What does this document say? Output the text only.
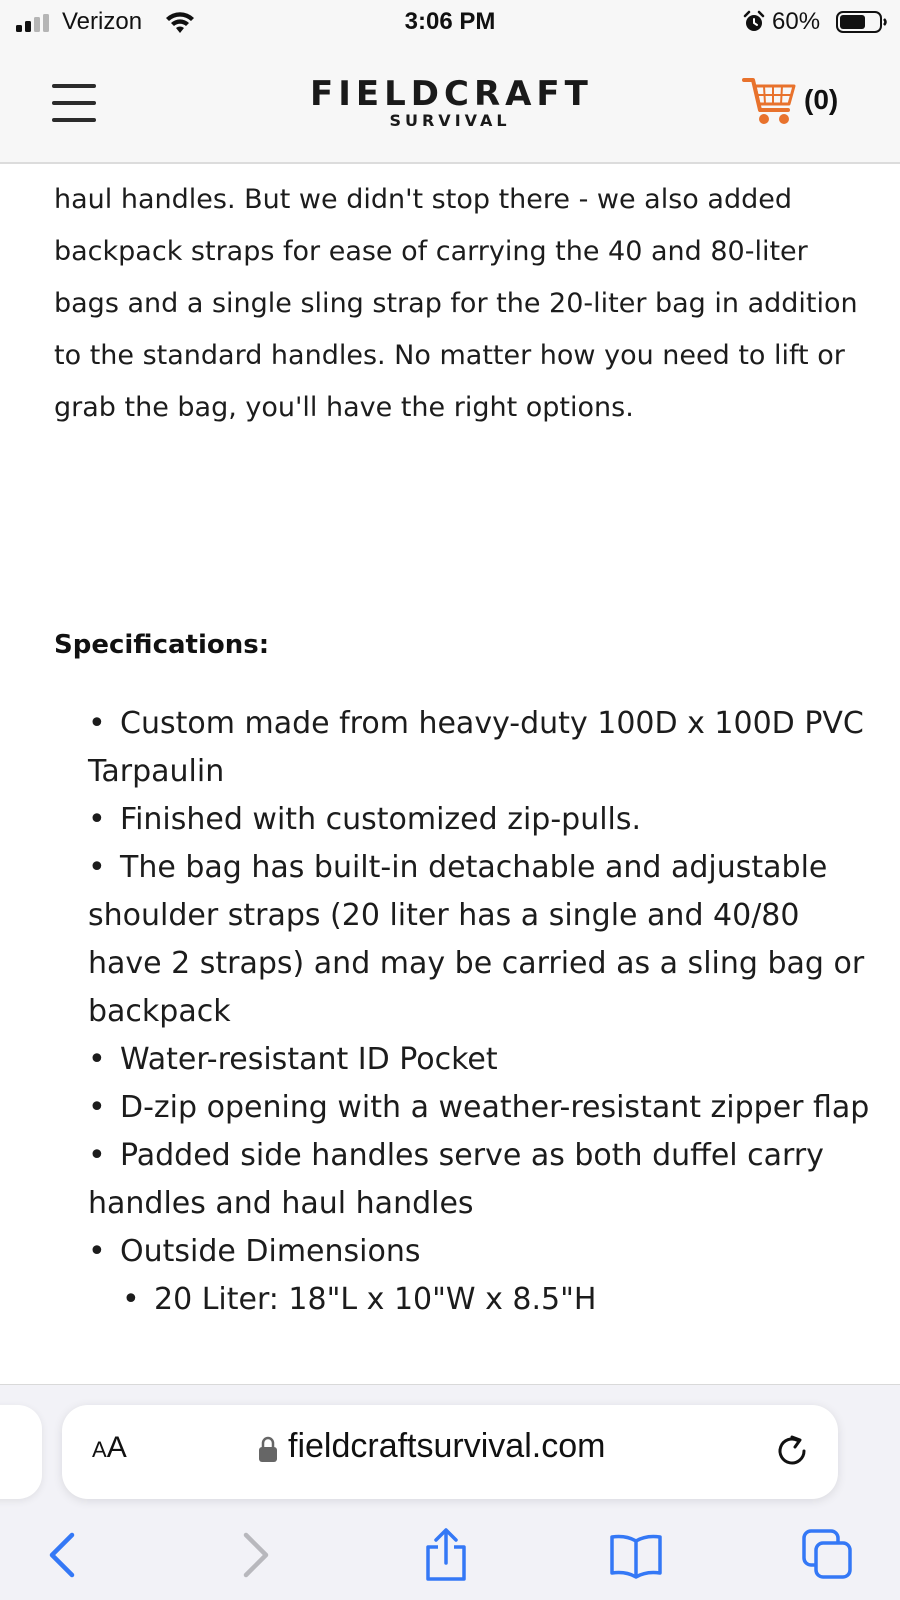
Verizon	3:06 PM	60%
FIELDCRAFT
SURVIVAL
(0)

haul handles. But we didn't stop there - we also added backpack straps for ease of carrying the 40 and 80-liter bags and a single sling strap for the 20-liter bag in addition to the standard handles. No matter how you need to lift or grab the bag, you'll have the right options.

Specifications:
• Custom made from heavy-duty 100D x 100D PVC Tarpaulin
• Finished with customized zip-pulls.
• The bag has built-in detachable and adjustable shoulder straps (20 liter has a single and 40/80 have 2 straps) and may be carried as a sling bag or backpack
• Water-resistant ID Pocket
• D-zip opening with a weather-resistant zipper flap
• Padded side handles serve as both duffel carry handles and haul handles
• Outside Dimensions
• 20 Liter: 18"L x 10"W x 8.5"H
AA	fieldcraftsurvival.com
